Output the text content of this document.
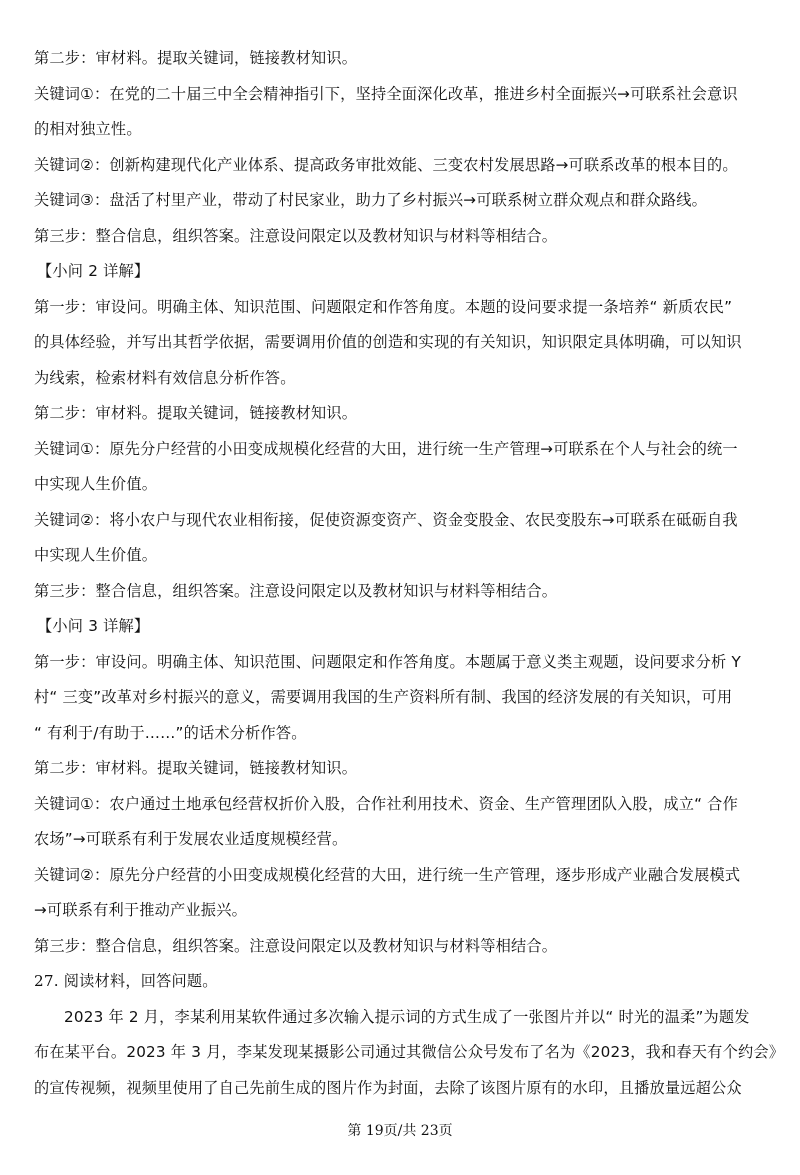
第二步：审材料。提取关键词，链接教材知识。
关键词①：在党的二十届三中全会精神指引下，坚持全面深化改革，推进乡村全面振兴→可联系社会意识
的相对独立性。
关键词②：创新构建现代化产业体系、提高政务审批效能、三变农村发展思路→可联系改革的根本目的。
关键词③：盘活了村里产业，带动了村民家业，助力了乡村振兴→可联系树立群众观点和群众路线。
第三步：整合信息，组织答案。注意设问限定以及教材知识与材料等相结合。
【小问 2 详解】
第一步：审设问。明确主体、知识范围、问题限定和作答角度。本题的设问要求提一条培养“ 新质农民”
的具体经验，并写出其哲学依据，需要调用价值的创造和实现的有关知识，知识限定具体明确，可以知识
为线索，检索材料有效信息分析作答。
第二步：审材料。提取关键词，链接教材知识。
关键词①：原先分户经营的小田变成规模化经营的大田，进行统一生产管理→可联系在个人与社会的统一
中实现人生价值。
关键词②：将小农户与现代农业相衔接，促使资源变资产、资金变股金、农民变股东→可联系在砥砺自我
中实现人生价值。
第三步：整合信息，组织答案。注意设问限定以及教材知识与材料等相结合。
【小问 3 详解】
第一步：审设问。明确主体、知识范围、问题限定和作答角度。本题属于意义类主观题，设问要求分析 Y
村“ 三变”改革对乡村振兴的意义，需要调用我国的生产资料所有制、我国的经济发展的有关知识，可用
“ 有利于/有助于……”的话术分析作答。
第二步：审材料。提取关键词，链接教材知识。
关键词①：农户通过土地承包经营权折价入股，合作社利用技术、资金、生产管理团队入股，成立“ 合作
农场”→可联系有利于发展农业适度规模经营。
关键词②：原先分户经营的小田变成规模化经营的大田，进行统一生产管理，逐步形成产业融合发展模式
→可联系有利于推动产业振兴。
第三步：整合信息，组织答案。注意设问限定以及教材知识与材料等相结合。
27. 阅读材料，回答问题。
2023 年 2 月，李某利用某软件通过多次输入提示词的方式生成了一张图片并以“ 时光的温柔”为题发
布在某平台。2023 年 3 月，李某发现某摄影公司通过其微信公众号发布了名为《2023，我和春天有个约会》
的宣传视频，视频里使用了自己先前生成的图片作为封面，去除了该图片原有的水印，且播放量远超公众
第 19页/共 23页
